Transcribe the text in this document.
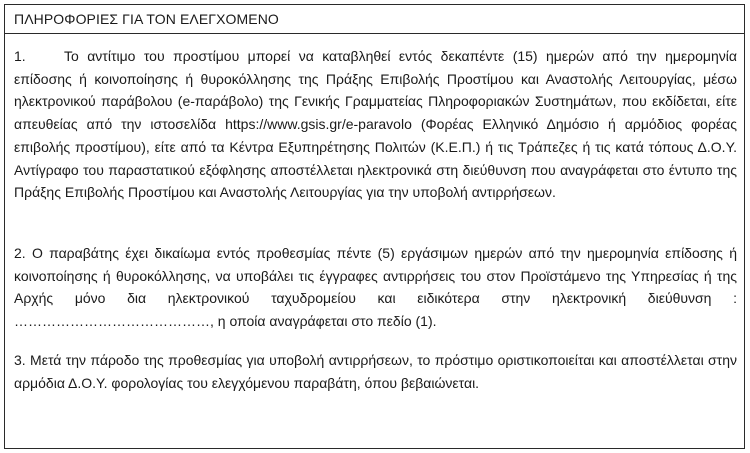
ΠΛΗΡΟΦΟΡΙΕΣ ΓΙΑ ΤΟΝ ΕΛΕΓΧΟΜΕΝΟ
1.	Το αντίτιμο του προστίμου μπορεί να καταβληθεί εντός δεκαπέντε (15) ημερών από την ημερομηνία επίδοσης ή κοινοποίησης ή θυροκόλλησης της Πράξης Επιβολής Προστίμου και Αναστολής Λειτουργίας, μέσω ηλεκτρονικού παράβολου (e-παράβολο) της Γενικής Γραμματείας Πληροφοριακών Συστημάτων, που εκδίδεται, είτε απευθείας από την ιστοσελίδα https://www.gsis.gr/e-paravolo (Φορέας Ελληνικό Δημόσιο ή αρμόδιος φορέας επιβολής προστίμου), είτε από τα Κέντρα Εξυπηρέτησης Πολιτών (Κ.Ε.Π.) ή τις Τράπεζες ή τις κατά τόπους Δ.Ο.Υ. Αντίγραφο του παραστατικού εξόφλησης αποστέλλεται ηλεκτρονικά στη διεύθυνση που αναγράφεται στο έντυπο της Πράξης Επιβολής Προστίμου και Αναστολής Λειτουργίας για την υποβολή αντιρρήσεων.
2. Ο παραβάτης έχει δικαίωμα εντός προθεσμίας πέντε (5) εργάσιμων ημερών από την ημερομηνία επίδοσης ή κοινοποίησης ή θυροκόλλησης, να υποβάλει τις έγγραφες αντιρρήσεις του στον Προϊστάμενο της Υπηρεσίας ή της Αρχής μόνο δια ηλεκτρονικού ταχυδρομείου και ειδικότερα στην ηλεκτρονική διεύθυνση : ……………………………………, η οποία αναγράφεται στο πεδίο (1).
3. Μετά την πάροδο της προθεσμίας για υποβολή αντιρρήσεων, το πρόστιμο οριστικοποιείται και αποστέλλεται στην αρμόδια Δ.Ο.Υ. φορολογίας του ελεγχόμενου παραβάτη, όπου βεβαιώνεται.
